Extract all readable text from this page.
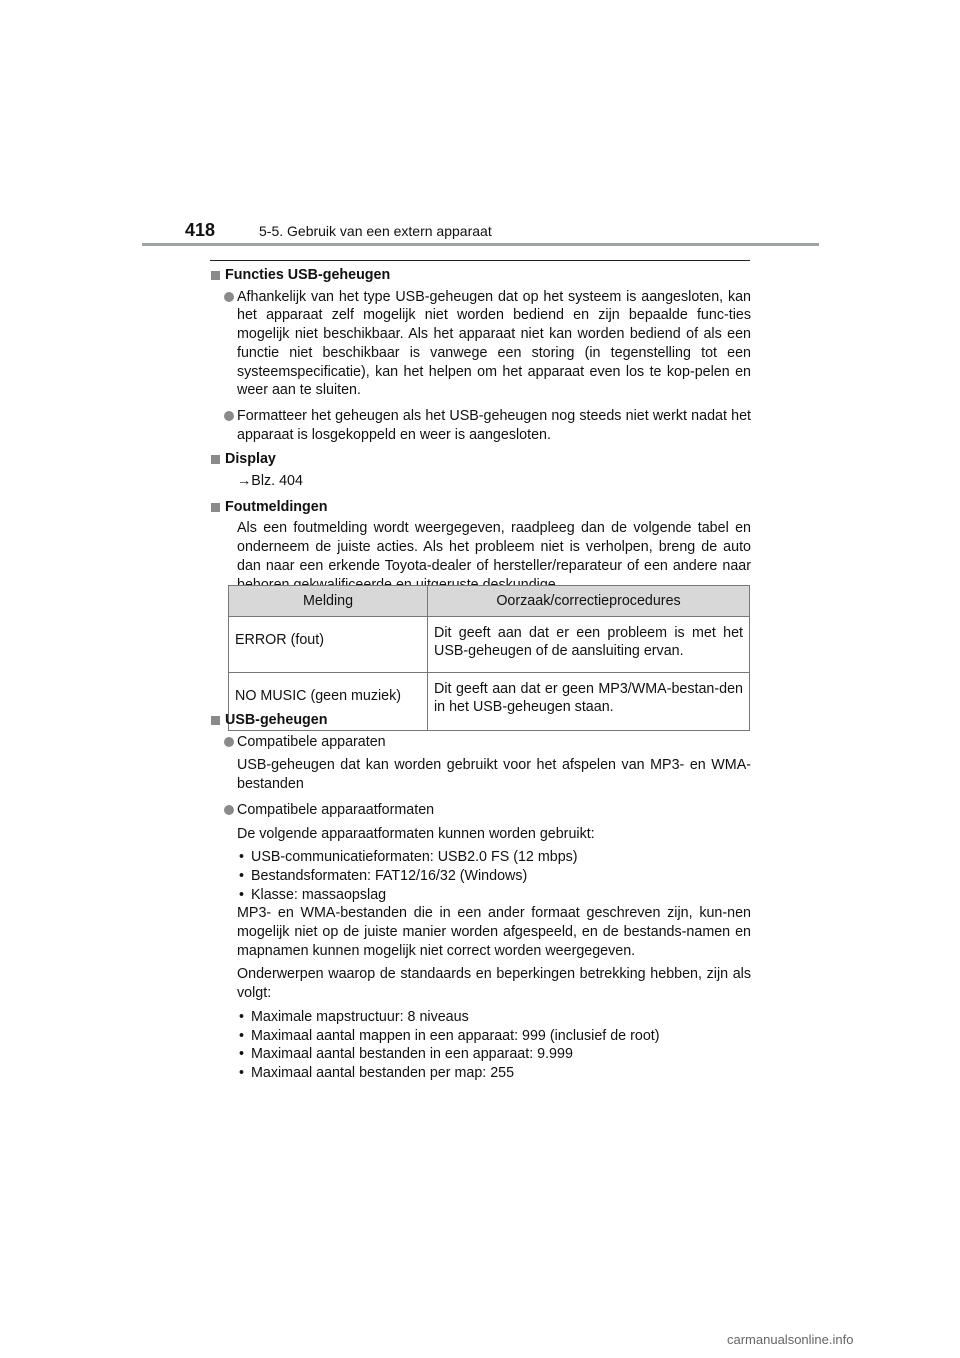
418	5-5. Gebruik van een extern apparaat

Functies USB-geheugen

Afhankelijk van het type USB-geheugen dat op het systeem is aangesloten, kan het apparaat zelf mogelijk niet worden bediend en zijn bepaalde func-ties mogelijk niet beschikbaar. Als het apparaat niet kan worden bediend of als een functie niet beschikbaar is vanwege een storing (in tegenstelling tot een systeemspecificatie), kan het helpen om het apparaat even los te kop-pelen en weer aan te sluiten.

Formatteer het geheugen als het USB-geheugen nog steeds niet werkt nadat het apparaat is losgekoppeld en weer is aangesloten.

Display

→Blz. 404

Foutmeldingen

Als een foutmelding wordt weergegeven, raadpleeg dan de volgende tabel en onderneem de juiste acties. Als het probleem niet is verholpen, breng de auto dan naar een erkende Toyota-dealer of hersteller/reparateur of een andere naar

Melding	Oorzaak/correctieprocedures
ERROR (fout)	Dit geeft aan dat er een probleem is met het USB-geheugen of de aansluiting ervan.
NO MUSIC (geen muziek)	Dit geeft aan dat er geen MP3/WMA-bestan-den in het USB-geheugen staan.

USB-geheugen

Compatibele apparaten

USB-geheugen dat kan worden gebruikt voor het afspelen van MP3- en WMA-bestanden

Compatibele apparaatformaten

De volgende apparaatformaten kunnen worden gebruikt:

• USB-communicatieformaten: USB2.0 FS (12 mbps)
• Bestandsformaten: FAT12/16/32 (Windows)
• Klasse: massaopslag

MP3- en WMA-bestanden die in een ander formaat geschreven zijn, kun-nen mogelijk niet op de juiste manier worden afgespeeld, en de bestands-namen en mapnamen kunnen mogelijk niet correct worden weergegeven.

Onderwerpen waarop de standaards en beperkingen betrekking hebben, zijn als volgt:

• Maximale mapstructuur: 8 niveaus
• Maximaal aantal mappen in een apparaat: 999 (inclusief de root)
• Maximaal aantal bestanden in een apparaat: 9.999
• Maximaal aantal bestanden per map: 255
carmanualsonline.info
